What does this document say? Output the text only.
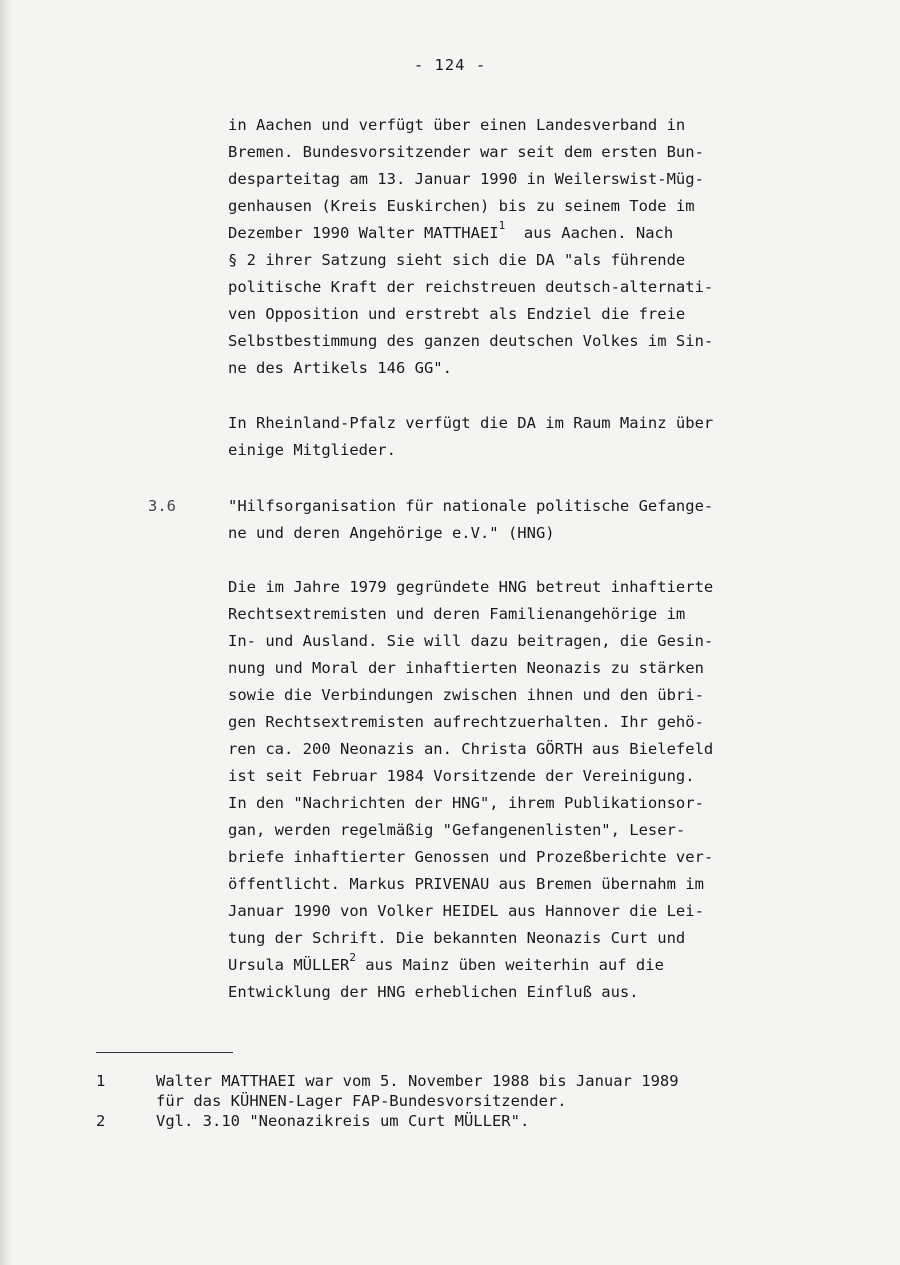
- 124 -
in Aachen und verfügt über einen Landesverband in
Bremen. Bundesvorsitzender war seit dem ersten Bun-
desparteitag am 13. Januar 1990 in Weilerswist-Müg-
genhausen (Kreis Euskirchen) bis zu seinem Tode im
Dezember 1990 Walter MATTHAEI$^1$  aus Aachen. Nach
§ 2 ihrer Satzung sieht sich die DA "als führende
politische Kraft der reichstreuen deutsch-alternati-
ven Opposition und erstrebt als Endziel die freie
Selbstbestimmung des ganzen deutschen Volkes im Sin-
ne des Artikels 146 GG".
In Rheinland-Pfalz verfügt die DA im Raum Mainz über
einige Mitglieder.
3.6	"Hilfsorganisation für nationale politische Gefange-
ne und deren Angehörige e.V." (HNG)
Die im Jahre 1979 gegründete HNG betreut inhaftierte
Rechtsextremisten und deren Familienangehörige im
In- und Ausland. Sie will dazu beitragen, die Gesin-
nung und Moral der inhaftierten Neonazis zu stärken
sowie die Verbindungen zwischen ihnen und den übri-
gen Rechtsextremisten aufrechtzuerhalten. Ihr gehö-
ren ca. 200 Neonazis an. Christa GÖRTH aus Bielefeld
ist seit Februar 1984 Vorsitzende der Vereinigung.
In den "Nachrichten der HNG", ihrem Publikationsor-
gan, werden regelmäßig "Gefangenenlisten", Leser-
briefe inhaftierter Genossen und Prozeßberichte ver-
öffentlicht. Markus PRIVENAU aus Bremen übernahm im
Januar 1990 von Volker HEIDEL aus Hannover die Lei-
tung der Schrift. Die bekannten Neonazis Curt und
Ursula MÜLLER$^2$ aus Mainz üben weiterhin auf die
Entwicklung der HNG erheblichen Einfluß aus.
1	Walter MATTHAEI war vom 5. November 1988 bis Januar 1989
für das KÜHNEN-Lager FAP-Bundesvorsitzender.
2	Vgl. 3.10 "Neonazikreis um Curt MÜLLER".
